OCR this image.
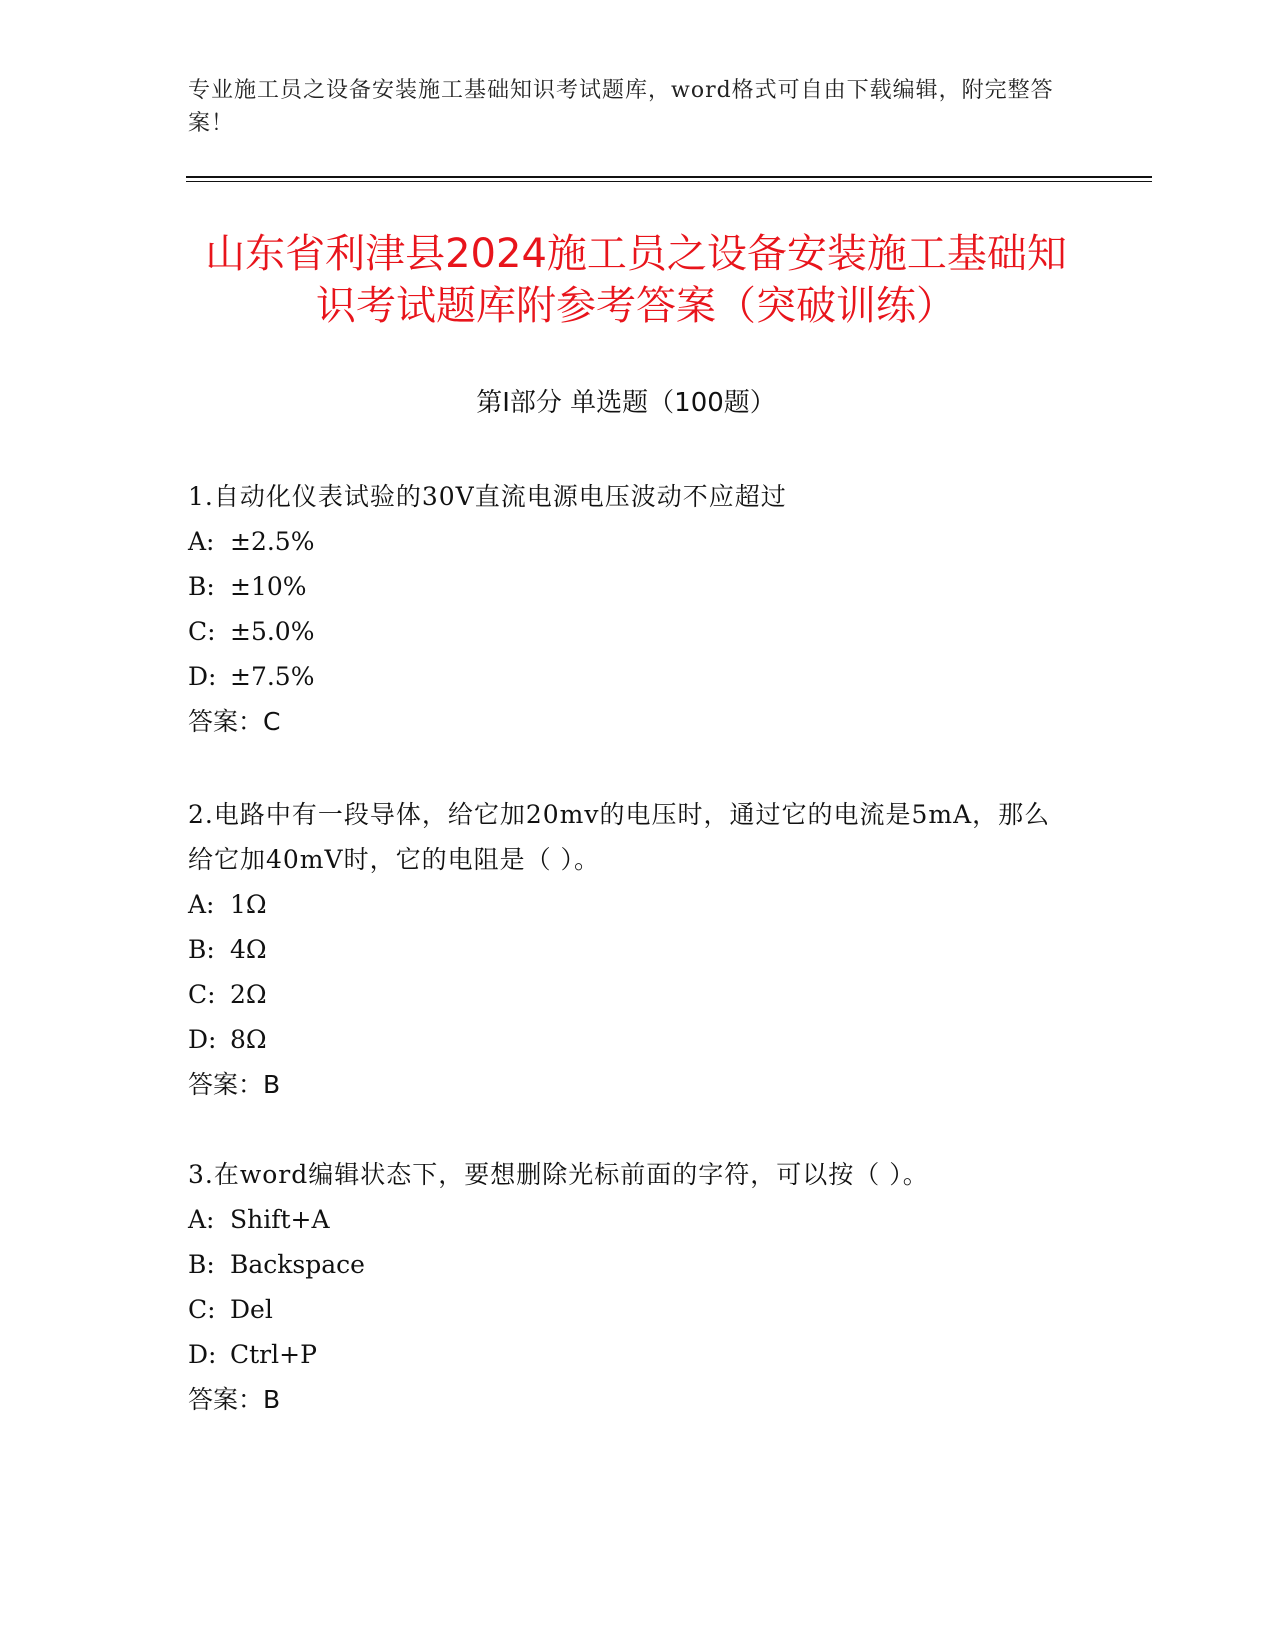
专业施工员之设备安装施工基础知识考试题库，word格式可自由下载编辑，附完整答案！
山东省利津县2024施工员之设备安装施工基础知识考试题库附参考答案（突破训练）
第Ⅰ部分 单选题（100题）
1.自动化仪表试验的30V直流电源电压波动不应超过
A: ±2.5%
B: ±10%
C: ±5.0%
D: ±7.5%
答案：C
2.电路中有一段导体，给它加20mv的电压时，通过它的电流是5mA，那么给它加40mV时，它的电阻是（ ）。
A: 1Ω
B: 4Ω
C: 2Ω
D: 8Ω
答案：B
3.在word编辑状态下，要想删除光标前面的字符，可以按（ ）。
A: Shift+A
B: Backspace
C: Del
D: Ctrl+P
答案：B
